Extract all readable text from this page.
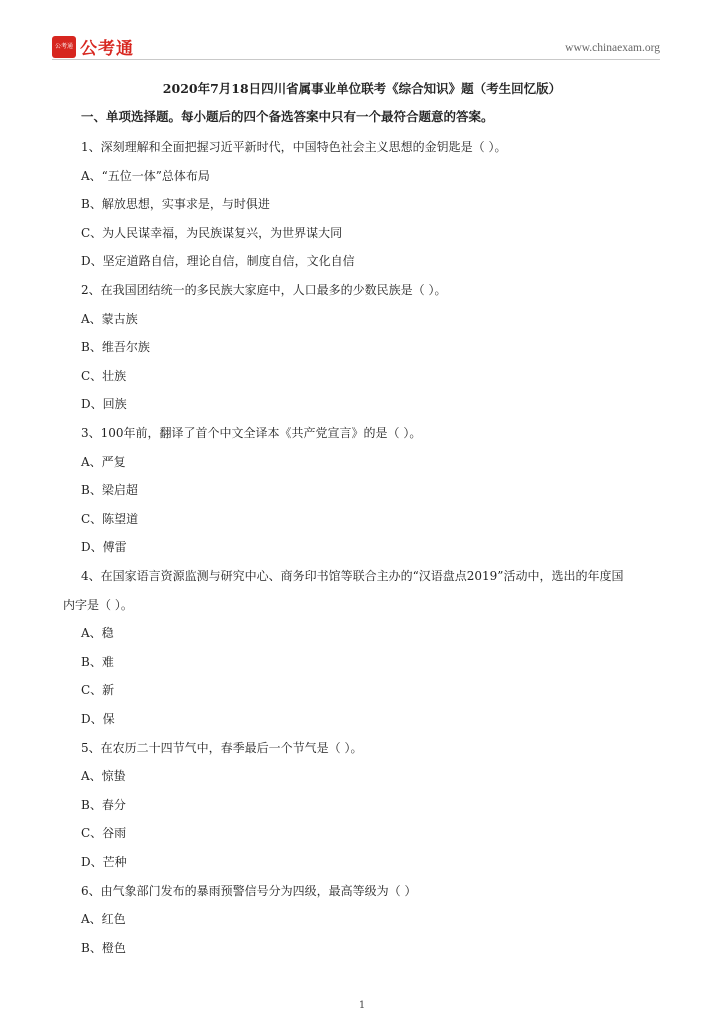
公考通 公考通	www.chinaexam.org
2020年7月18日四川省属事业单位联考《综合知识》题（考生回忆版）
一、单项选择题。每小题后的四个备选答案中只有一个最符合题意的答案。
1、深刻理解和全面把握习近平新时代，中国特色社会主义思想的金钥匙是（ ）。
A、“五位一体”总体布局
B、解放思想，实事求是，与时俱进
C、为人民谋幸福，为民族谋复兴，为世界谋大同
D、坚定道路自信，理论自信，制度自信，文化自信
2、在我国团结统一的多民族大家庭中，人口最多的少数民族是（ ）。
A、蒙古族
B、维吾尔族
C、壮族
D、回族
3、100年前，翻译了首个中文全译本《共产党宣言》的是（ ）。
A、严复
B、梁启超
C、陈望道
D、傅雷
4、在国家语言资源监测与研究中心、商务印书馆等联合主办的“汉语盘点2019”活动中，选出的年度国
内字是（ ）。
A、稳
B、难
C、新
D、保
5、在农历二十四节气中，春季最后一个节气是（ ）。
A、惊蛰
B、春分
C、谷雨
D、芒种
6、由气象部门发布的暴雨预警信号分为四级，最高等级为（ ）
A、红色
B、橙色
1
